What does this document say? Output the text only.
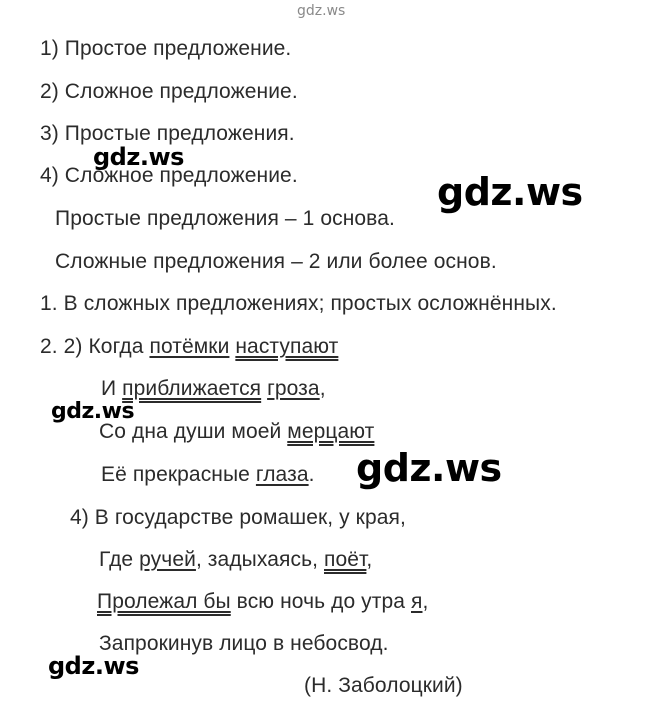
gdz.ws
1) Простое предложение.
2) Сложное предложение.
3) Простые предложения.
4) Сложное предложение.
Простые предложения – 1 основа.
Сложные предложения – 2 или более основ.
1. В сложных предложениях; простых осложнённых.
2. 2) Когда потёмки наступают
И приближается гроза,
Со дна души моей мерцают
Её прекрасные глаза.
4) В государстве ромашек, у края,
Где ручей, задыхаясь, поёт,
Пролежал бы всю ночь до утра я,
Запрокинув лицо в небосвод.
(Н. Заболоцкий)
gdz.ws
gdz.ws
gdz.ws
gdz.ws
gdz.ws
